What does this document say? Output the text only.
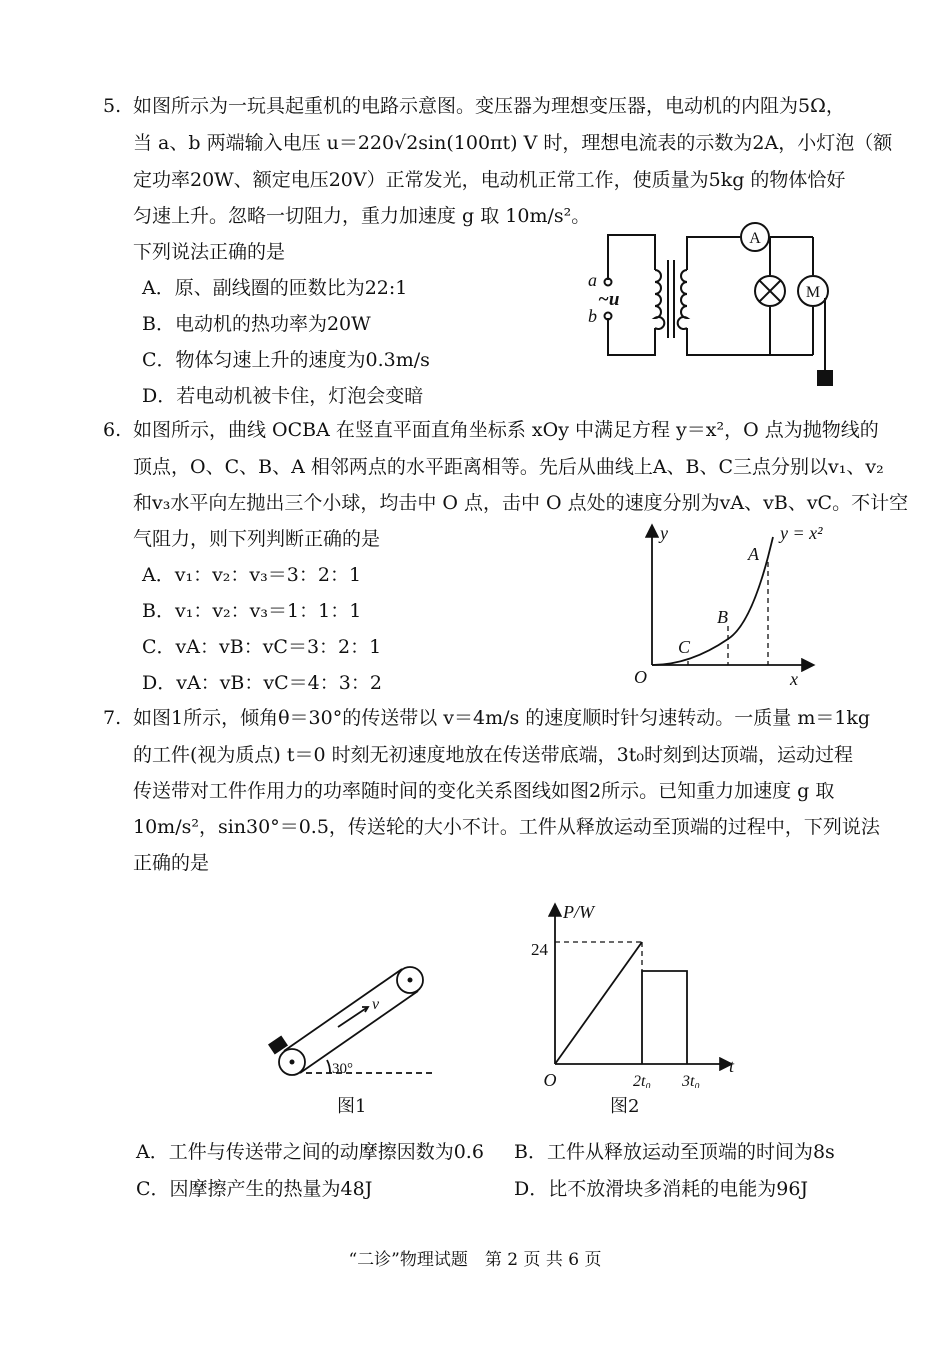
5. 如图所示为一玩具起重机的电路示意图。变压器为理想变压器，电动机的内阻为5Ω，
当 a、b 两端输入电压 u＝220√2sin(100πt) V 时，理想电流表的示数为2A，小灯泡（额
定功率20W、额定电压20V）正常发光，电动机正常工作，使质量为5kg 的物体恰好
匀速上升。忽略一切阻力，重力加速度 g 取 10m/s²。
下列说法正确的是
A．原、副线圈的匝数比为22:1
B．电动机的热功率为20W
C．物体匀速上升的速度为0.3m/s
D．若电动机被卡住，灯泡会变暗
A
M
a
b
~u
6. 如图所示，曲线 OCBA 在竖直平面直角坐标系 xOy 中满足方程 y＝x²，O 点为抛物线的
顶点，O、C、B、A 相邻两点的水平距离相等。先后从曲线上A、B、C三点分别以v₁、v₂
和v₃水平向左抛出三个小球，均击中 O 点，击中 O 点处的速度分别为vA、vB、vC。不计空
气阻力，则下列判断正确的是
A．v₁：v₂：v₃＝3：2：1
B．v₁：v₂：v₃＝1：1：1
C．vA：vB：vC＝3：2：1
D．vA：vB：vC＝4：3：2
y
x
O
y = x²
A
B
C
7. 如图1所示，倾角θ＝30°的传送带以 v＝4m/s 的速度顺时针匀速转动。一质量 m＝1kg
的工件(视为质点) t＝0 时刻无初速度地放在传送带底端，3t₀时刻到达顶端，运动过程
传送带对工件作用力的功率随时间的变化关系图线如图2所示。已知重力加速度 g 取
10m/s²，sin30°＝0.5，传送轮的大小不计。工件从释放运动至顶端的过程中，下列说法
正确的是
v
30°
图1
P/W
t
O
24
2t₀ 3t₀
图2
A．工件与传送带之间的动摩擦因数为0.6 B．工件从释放运动至顶端的时间为8s
C．因摩擦产生的热量为48J	D．比不放滑块多消耗的电能为96J
“二诊”物理试题　第 2 页 共 6 页
